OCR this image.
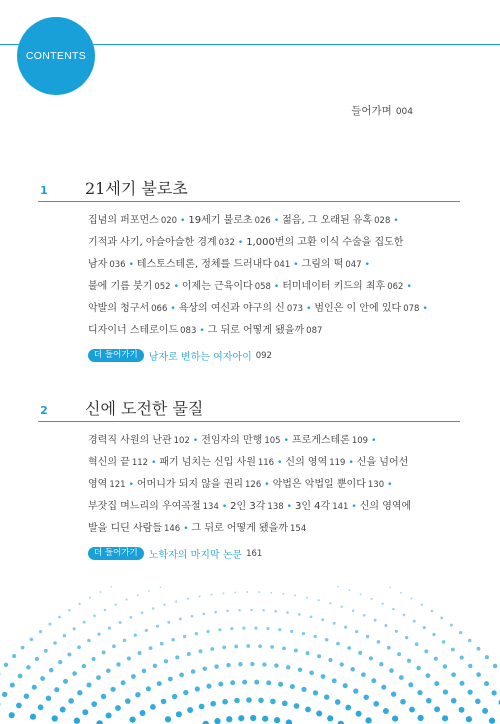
CONTENTS
들어가며 004
1 21세기 불로초
집념의 퍼포먼스 020 • 19세기 불로초 026 • 젊음, 그 오래된 유혹 028 •
기적과 사기, 아슬아슬한 경계 032 • 1,000번의 고환 이식 수술을 집도한
남자 036 • 테스토스테론, 정체를 드러내다 041 • 그림의 떡 047 •
불에 기름 붓기 052 • 이제는 근육이다 058 • 터미네이터 키드의 최후 062 •
악발의 청구서 066 • 욕상의 여신과 야구의 신 073 • 범인은 이 안에 있다 078 •
디자이너 스테로이드 083 • 그 뒤로 어떻게 됐을까 087
더 들어가기	남자로 변하는 여자아이 092
2 신에 도전한 물질
경력직 사원의 난관 102 • 전임자의 만행 105 • 프로게스테론 109 •
혁신의 끝 112 • 패기 넘치는 신입 사원 116 • 신의 영역 119 • 신을 넘어선
영역 121 • 어머니가 되지 않을 권리 126 • 악법은 악법일 뿐이다 130 •
부잣집 며느리의 우여곡절 134 • 2인 3각 138 • 3인 4각 141 • 신의 영역에
발을 디딘 사람들 146 • 그 뒤로 어떻게 됐을까 154
더 들어가기	노학자의 마지막 논문 161
